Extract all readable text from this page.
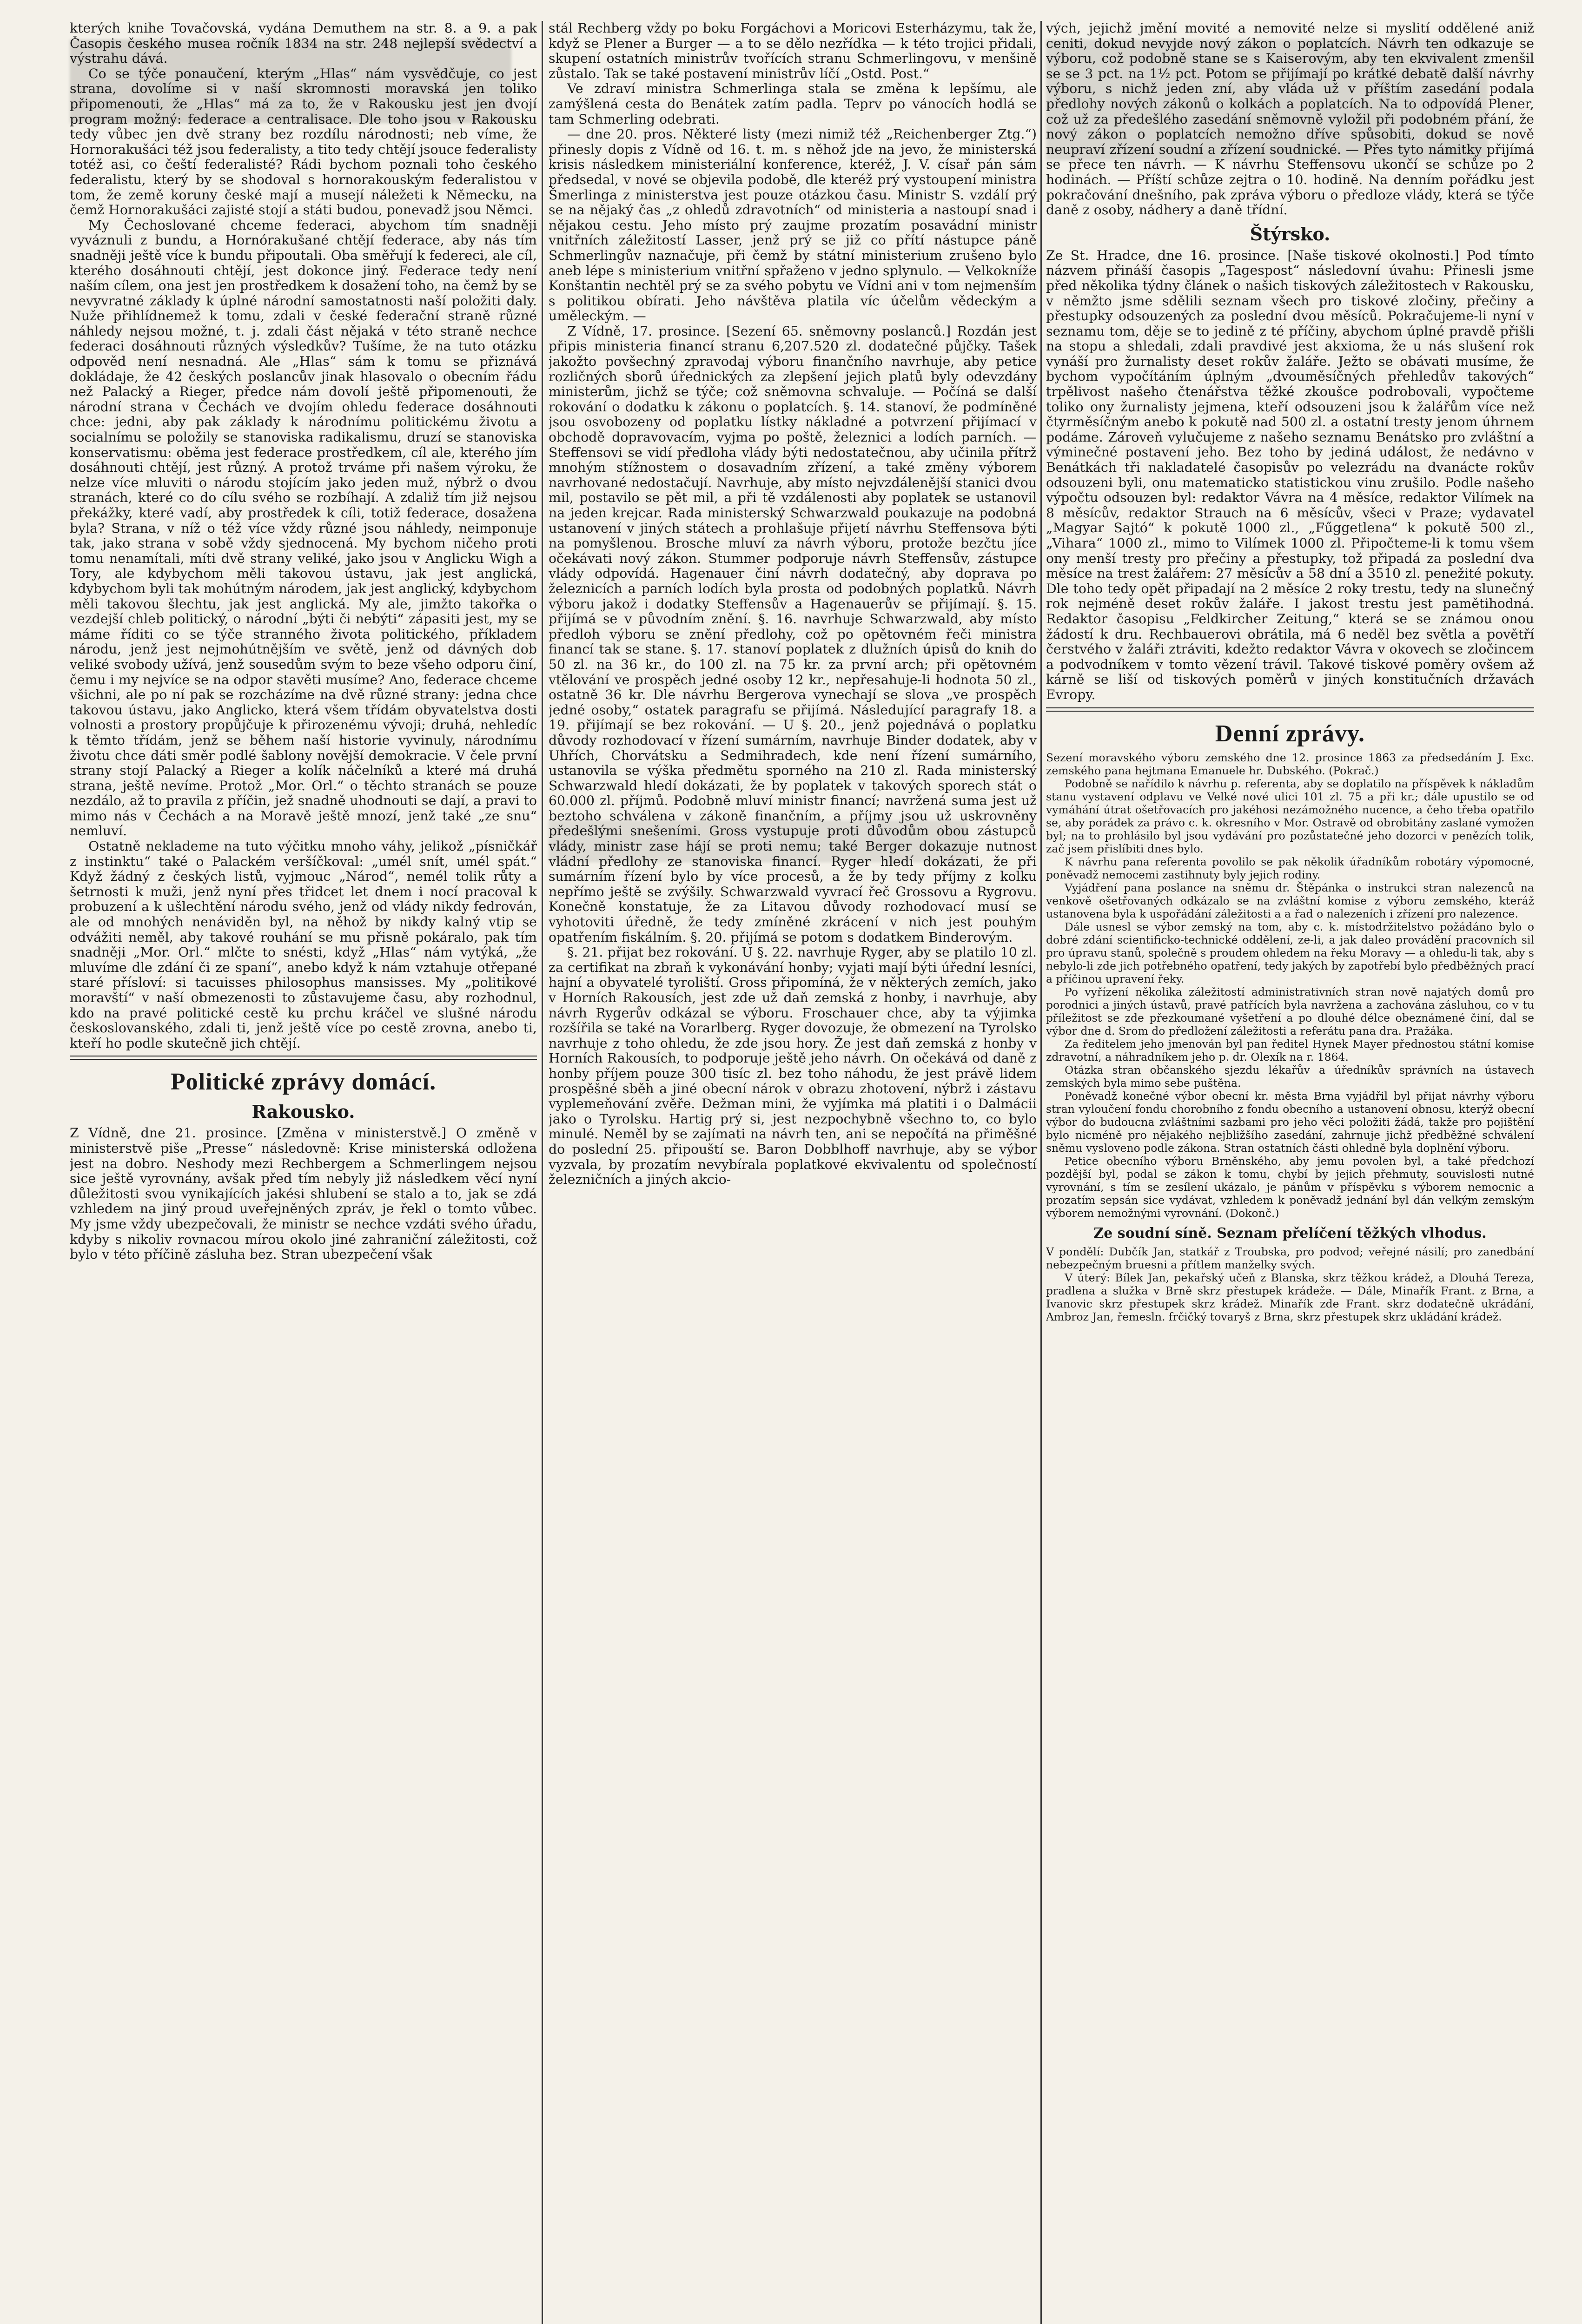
kterých knihe Tovačovská, vydána Demuthem na str. 8. a 9. a pak Časopis českého musea ročník 1834 na str. 248 nejlepší svědectví a výstrahu dává.

Co se týče ponaučení, kterým „Hlas“ nám vysvědčuje, co jest strana, dovolíme si v naší skromnosti moravská jen toliko připomenouti, že „Hlas“ má za to, že v Rakousku jest jen dvojí program možný: federace a centralisace. Dle toho jsou v Rakousku tedy vůbec jen dvě strany bez rozdílu národnosti; neb víme, že Hornorakušáci též jsou federalisty, a tito tedy chtějí jsouce federalisty totéž asi, co čeští federalisté? Rádi bychom poznali toho českého federalistu, který by se shodoval s hornorakouským federalistou v tom, že země koruny české mají a musejí náležeti k Německu, na čemž Hornorakušáci zajisté stojí a státi budou, ponevadž jsou Němci.

My Čechoslované chceme federaci, abychom tím snadněji vyváznuli z bundu, a Hornórakušané chtějí federace, aby nás tím snadněji ještě více k bundu připoutali. Oba směřují k federeci, ale cíl, kterého dosáhnouti chtějí, jest dokonce jiný. Federace tedy není naším cílem, ona jest jen prostředkem k dosažení toho, na čemž by se nevyvratné základy k úplné národní samostatnosti naší položiti daly. Nuže přihlídnemež k tomu, zdali v české federační straně různé náhledy nejsou možné, t. j. zdali část nějaká v této straně nechce federaci dosáhnouti různých výsledkův? Tušíme, že na tuto otázku odpověd není nesnadná. Ale „Hlas“ sám k tomu se přiznává dokládaje, že 42 českých poslancův jinak hlasovalo o obecním řádu než Palacký a Rieger, předce nám dovolí ještě připomenouti, že národní strana v Čechách ve dvojím ohledu federace dosáhnouti chce: jedni, aby pak základy k národnímu politickému životu a socialnímu se položily se stanoviska radikalismu, druzí se stanoviska konservatismu: oběma jest federace prostředkem, cíl ale, kterého jím dosáhnouti chtějí, jest různý. A protož trváme při našem výroku, že nelze více mluviti o národu stojícím jako jeden muž, nýbrž o dvou stranách, které co do cílu svého se rozbíhají. A zdaliž tím již nejsou překážky, které vadí, aby prostředek k cíli, totiž federace, dosažena byla? Strana, v níž o též více vždy různé jsou náhledy, neimponuje tak, jako strana v sobě vždy sjednocená. My bychom ničeho proti tomu nenamítali, míti dvě strany veliké, jako jsou v Anglicku Wigh a Tory, ale kdybychom měli takovou ústavu, jak jest anglická, kdybychom byli tak mohútným národem, jak jest anglický, kdybychom měli takovou šlechtu, jak jest anglická. My ale, jimžto takořka o vezdejší chleb politický, o národní „býti či nebýti“ zápasiti jest, my se máme říditi co se týče stranného života politického, příkladem národu, jenž jest nejmohútnějším ve světě, jenž od dávných dob veliké svobody užívá, jenž sousedům svým to beze všeho odporu činí, čemu i my nejvíce se na odpor stavěti musíme? Ano, federace chceme všichni, ale po ní pak se rozcházíme na dvě různé strany: jedna chce takovou ústavu, jako Anglicko, která všem třídám obyvatelstva dosti volnosti a prostory propůjčuje k přirozenému vývoji; druhá, nehledíc k těmto třídám, jenž se během naší historie vyvinuly, národnímu životu chce dáti směr podlé šablony novější demokracie. V čele první strany stojí Palacký a Rieger a kolík náčelníků a které má druhá strana, ještě nevíme. Protož „Mor. Orl.“ o těchto stranách se pouze nezdálo, až to pravila z příčin, jež snadně uhodnouti se dají, a pravi to mimo nás v Čechách a na Moravě ještě mnozí, jenž také „ze snu“ nemluví.

Ostatně neklademe na tuto výčitku mnoho váhy, jelikož „písničkář z instinktu“ také o Palackém veršíčkoval: „umél snít, umél spát.“ Když žádný z českých listů, vyjmouc „Národ“, nemél tolik růty a šetrnosti k muži, jenž nyní přes třidcet let dnem i nocí pracoval k probuzení a k ušlechtění národu svého, jenž od vlády nikdy fedrován, ale od mnohých nenáviděn byl, na něhož by nikdy kalný vtip se odvážiti neměl, aby takové rouhání se mu přisně pokáralo, pak tím snadněji „Mor. Orl.“ mlčte to snésti, když „Hlas“ nám vytýká, „že mluvíme dle zdání či ze spaní“, anebo když k nám vztahuje otřepané staré přísloví: si tacuisses philosophus mansisses. My „politikové moravští“ v naší obmezenosti to zůstavujeme času, aby rozhodnul, kdo na pravé politické cestě ku prchu kráčel ve slušné národu českoslovanského, zdali ti, jenž ještě více po cestě zrovna, anebo ti, kteří ho podle skutečně jich chtějí.

Politické zprávy domácí.
Rakousko.

Z Vídně, dne 21. prosince. [Změna v ministerstvě.] O změně v ministerstvě piše „Presse“ následovně: Krise ministerská odložena jest na dobro. Neshody mezi Rechbergem a Schmerlingem nejsou sice ještě vyrovnány, avšak před tím nebyly již následkem věcí nyní důležitosti svou vynikajících jakési shlubení se stalo a to, jak se zdá vzhledem na jiný proud uveřejněných zpráv, je řekl o tomto vůbec. My jsme vždy ubezpečovali, že ministr se nechce vzdáti svého úřadu, kdyby s nikoliv rovnacou mírou okolo jiné zahraniční záležitosti, což bylo v této příčině zásluha bez. Stran ubezpečení však

stál Rechberg vždy po boku Forgáchovi a Moricovi Esterházymu, tak že, když se Plener a Burger — a to se dělo nezřídka — k této trojici přidali, skupení ostatních ministrův tvořících stranu Schmerlingovu, v menšině zůstalo. Tak se také postavení ministrův líčí „Ostd. Post.“

Ve zdraví ministra Schmerlinga stala se změna k lepšímu, ale zamýšlená cesta do Benátek zatím padla. Teprv po vánocích hodlá se tam Schmerling odebrati.

— dne 20. pros. Některé listy (mezi nimiž též „Reichenberger Ztg.“) přinesly dopis z Vídně od 16. t. m. s něhož jde na jevo, že ministerská krisis následkem ministeriální konference, kteréž, J. V. císař pán sám předsedal, v nové se objevila podobě, dle kteréž prý vystoupení ministra Šmerlinga z ministerstva jest pouze otázkou času. Ministr S. vzdálí prý se na nějaký čas „z ohledů zdravotních“ od ministeria a nastoupí snad i nějakou cestu. Jeho místo prý zaujme prozatím posavádní ministr vnitřních záležitostí Lasser, jenž prý se již co přítí nástupce páně Schmerlingův naznačuje, při čemž by státní ministerium zrušeno bylo aneb lépe s ministerium vnitřní spřaženo v jedno splynulo. — Velkokníže Konštantin nechtěl prý se za svého pobytu ve Vídni ani v tom nejmenším s politikou obírati. Jeho návštěva platila víc účelům vědeckým a uměleckým. —

Z Vídně, 17. prosince. [Sezení 65. sněmovny poslanců.] Rozdán jest připis ministeria financí stranu 6,207.520 zl. dodatečné půjčky. Tašek jakožto povšechný zpravodaj výboru finančního navrhuje, aby petice rozličných sborů úřednických za zlepšení jejich platů byly odevzdány ministerům, jichž se týče; což sněmovna schvaluje. — Počíná se další rokování o dodatku k zákonu o poplatcích. §. 14. stanoví, že podmíněné jsou osvobozeny od poplatku lístky nákladné a potvrzení přijímací v obchodě dopravovacím, vyjma po poště, železnici a lodích parních. — Steffensovi se vidí předloha vlády býti nedostatečnou, aby učinila přítrž mnohým stížnostem o dosavadním zřízení, a také změny výborem navrhované nedostačují. Navrhuje, aby místo nejvzdálenější stanici dvou mil, postavilo se pět mil, a při tě vzdálenosti aby poplatek se ustanovil na jeden krejcar. Rada ministerský Schwarzwald poukazuje na podobná ustanovení v jiných státech a prohlašuje přijetí návrhu Steffensova býti na pomyšlenou. Brosche mluví za návrh výboru, protože bezčtu jíce očekávati nový zákon. Stummer podporuje návrh Steffensův, zástupce vlády odpovídá. Hagenauer činí návrh dodatečný, aby doprava po železnicích a parních lodích byla prosta od podobných poplatků. Návrh výboru jakož i dodatky Steffensův a Hagenauerův se přijímají. §. 15. přijímá se v původním znění. §. 16. navrhuje Schwarzwald, aby místo předloh výboru se znění předlohy, což po opětovném řeči ministra financí tak se stane. §. 17. stanoví poplatek z dlužních úpisů do knih do 50 zl. na 36 kr., do 100 zl. na 75 kr. za první arch; při opětovném vtělování ve prospěch jedné osoby 12 kr., nepřesahuje-li hodnota 50 zl., ostatně 36 kr. Dle návrhu Bergerova vynechají se slova „ve prospěch jedné osoby,“ ostatek paragrafu se přijímá. Následující paragrafy 18. a 19. přijímají se bez rokování. — U §. 20., jenž pojednává o poplatku důvody rozhodovací v řízení sumárním, navrhuje Binder dodatek, aby v Uhřích, Chorvátsku a Sedmihradech, kde není řízení sumárního, ustanovila se výška předmětu sporného na 210 zl. Rada ministerský Schwarzwald hledí dokázati, že by poplatek v takových sporech stát o 60.000 zl. příjmů. Podobně mluví ministr financí; navržená suma jest už beztoho schválena v zákoně finančním, a příjmy jsou už uskrovněny předešlými snešeními. Gross vystupuje proti důvodům obou zástupců vlády, ministr zase hájí se proti nemu; také Berger dokazuje nutnost vládní předlohy ze stanoviska financí. Ryger hledí dokázati, že při sumárním řízení bylo by více procesů, a že by tedy příjmy z kolku nepřímo ještě se zvýšily. Schwarzwald vyvrací řeč Grossovu a Rygrovu. Konečně konstatuje, že za Litavou důvody rozhodovací musí se vyhotoviti úředně, že tedy zmíněné zkrácení v nich jest pouhým opatřením fiskálním. §. 20. přijímá se potom s dodatkem Binderovým.

§. 21. přijat bez rokování. U §. 22. navrhuje Ryger, aby se platilo 10 zl. za certifikat na zbraň k vykonávání honby; vyjati mají býti úřední lesníci, hajní a obyvatelé tyroliští. Gross připomíná, že v některých zemích, jako v Horních Rakousích, jest zde už daň zemská z honby, i navrhuje, aby návrh Rygerův odkázal se výboru. Froschauer chce, aby ta výjimka rozšířila se také na Vorarlberg. Ryger dovozuje, že obmezení na Tyrolsko navrhuje z toho ohledu, že zde jsou hory. Že jest daň zemská z honby v Horních Rakousích, to podporuje ještě jeho návrh. On očekává od daně z honby příjem pouze 300 tisíc zl. bez toho náhodu, že jest právě lidem prospěšné sběh a jiné obecní nárok v obrazu zhotovení, nýbrž i zástavu vyplemeňování zvěře. Dežman mini, že vyjímka má platiti i o Dalmácii jako o Tyrolsku. Hartig prý si, jest nezpochybně všechno to, co bylo minulé. Neměl by se zajímati na návrh ten, ani se nepočítá na přiměšné do poslední 25. připouští se. Baron Dobblhoff navrhuje, aby se výbor vyzvala, by prozatím nevybírala poplatkové ekvivalentu od společností železničních a jiných akcio-

vých, jejichž jmění movité a nemovité nelze si myslití oddělené aniž ceniti, dokud nevyjde nový zákon o poplatcích. Návrh ten odkazuje se výboru, což podobně stane se s Kaiserovým, aby ten ekvivalent zmenšil se se 3 pct. na 1½ pct. Potom se přijímají po krátké debatě další návrhy výboru, s nichž jeden zní, aby vláda už v příštím zasedání podala předlohy nových zákonů o kolkách a poplatcích. Na to odpovídá Plener, což už za předešlého zasedání sněmovně vyložil při podobném přání, že nový zákon o poplatcích nemožno dříve spůsobiti, dokud se nově neupraví zřízení soudní a zřízení soudnické. — Přes tyto námitky přijímá se přece ten návrh. — K návrhu Steffensovu ukončí se schůze po 2 hodinách. — Příští schůze zejtra o 10. hodině. Na denním pořádku jest pokračování dnešního, pak zpráva výboru o předloze vlády, která se týče daně z osoby, nádhery a daně třídní.

Štýrsko.

Ze St. Hradce, dne 16. prosince. [Naše tiskové okolnosti.] Pod tímto názvem přináší časopis „Tagespost“ následovní úvahu: Přinesli jsme před několika týdny článek o našich tiskových záležitostech v Rakousku, v němžto jsme sdělili seznam všech pro tiskové zločiny, přečiny a přestupky odsouzených za poslední dvou měsíců. Pokračujeme-li nyní v seznamu tom, děje se to jedině z té příčiny, abychom úplné pravdě přišli na stopu a shledali, zdali pravdivé jest akxioma, že u nás slušení rok vynáší pro žurnalisty deset rokův žaláře. Ježto se obávati musíme, že bychom vypočítáním úplným „dvouměsíčných přehledův takových“ trpělivost našeho čtenářstva těžké zkoušce podrobovali, vypočteme toliko ony žurnalisty jejmena, kteří odsouzeni jsou k žalářům více než čtyrměsíčným anebo k pokutě nad 500 zl. a ostatní tresty jenom úhrnem podáme. Zároveň vylučujeme z našeho seznamu Benátsko pro zvláštní a výminečné postavení jeho. Bez toho by jediná událost, že nedávno v Benátkách tři nakladatelé časopisův po velezrádu na dvanácte rokův odsouzeni byli, onu matematicko statistickou vinu zrušilo. Podle našeho výpočtu odsouzen byl: redaktor Vávra na 4 měsíce, redaktor Vilímek na 8 měsícův, redaktor Strauch na 6 měsícův, všeci v Praze; vydavatel „Magyar Sajtó“ k pokutě 1000 zl., „Fűggetlena“ k pokutě 500 zl., „Vihara“ 1000 zl., mimo to Vilímek 1000 zl. Připočteme-li k tomu všem ony menší tresty pro přečiny a přestupky, tož připadá za poslední dva měsíce na trest žalářem: 27 měsícův a 58 dní a 3510 zl. penežité pokuty. Dle toho tedy opět připadají na 2 měsíce 2 roky trestu, tedy na slunečný rok nejméně deset rokův žaláře. I jakost trestu jest pamětihodná. Redaktor časopisu „Feldkircher Zeitung,“ která se se známou onou žádostí k dru. Rechbauerovi obrátila, má 6 neděl bez světla a povětří čerstvého v žaláři ztráviti, kdežto redaktor Vávra v okovech se zločincem a podvodníkem v tomto vězení trávil. Takové tiskové poměry ovšem až kárně se liší od tiskových poměrů v jiných konstitučních državách Evropy.

Denní zprávy.

Sezení moravského výboru zemského dne 12. prosince 1863 za předsedáním J. Exc. zemského pana hejtmana Emanuele hr. Dubského. (Pokrač.)

Podobně se nařídilo k návrhu p. referenta, aby se doplatilo na příspěvek k nákladům stanu vystavení odplavu ve Velké nové ulici 101 zl. 75 a při kr.; dále upustilo se od vymáhání útrat ošetřovacích pro jakéhosi nezámožného nucence, a čeho třeba opatřilo se, aby porádek za právo c. k. okresního v Mor. Ostravě od obrobitány zaslané vymožen byl; na to prohlásilo byl jsou vydávání pro pozůstatečné jeho dozorci v penězích tolik, zač jsem přislíbiti dnes bylo.

K návrhu pana referenta povolilo se pak několik úřadníkům robotáry výpomocné, poněvadž nemocemi zastihnuty byly jejich rodiny.

Vyjádření pana poslance na sněmu dr. Štěpánka o instrukci stran nalezenců na venkově ošetřovaných odkázalo se na zvláštní komise z výboru zemského, kteráž ustanovena byla k uspořádání záležitosti a a řad o nalezeních i zřízení pro nalezence.

Dále usnesl se výbor zemský na tom, aby c. k. místodržitelstvo požádáno bylo o dobré zdání scientificko-technické oddělení, ze-li, a jak daleo provádění pracovních sil pro úpravu stanů, společně s proudem ohledem na řeku Moravy — a ohledu-li tak, aby s nebylo-li zde jich potřebného opatření, tedy jakých by zapotřebí bylo předběžných prací a příčinou upravení řeky.

Po vyřízení několika záležitostí administrativních stran nově najatých domů pro porodnici a jiných ústavů, pravé patřících byla navržena a zachována zásluhou, co v tu příležitost se zde přezkoumané vyšetření a po dlouhé délce obeznámené činí, dal se výbor dne d. Srom do předložení záležitosti a referátu pana dra. Pražáka.

Za ředitelem jeho jmenován byl pan ředitel Hynek Mayer přednostou státní komise zdravotní, a náhradníkem jeho p. dr. Olexík na r. 1864.

Otázka stran občanského sjezdu lékařův a úředníkův správních na ústavech zemských byla mimo sebe puštěna.

Poněvadž konečné výbor obecní kr. města Brna vyjádřil byl přijat návrhy výboru stran vyloučení fondu chorobního z fondu obecního a ustanovení obnosu, kterýž obecní výbor do budoucna zvláštními sazbami pro jeho věci položiti žádá, takže pro pojištění bylo nicméně pro nějakého nejbližšího zasedání, zahrnuje jichž předběžné schválení sněmu vysloveno podle zákona. Stran ostatních části ohledně byla doplnění výboru.

Petice obecního výboru Brněnského, aby jemu povolen byl, a také předchozí pozdější byl, podal se zákon k tomu, chybí by jejich přehmuty, souvislosti nutné vyrovnání, s tím se zesílení ukázalo, je pánům v příspěvku s výborem nemocnic a prozatím sepsán sice vydávat, vzhledem k poněvadž jednání byl dán velkým zemským výborem nemožnými vyrovnání. (Dokonč.)

Ze soudní síně. Seznam přelíčení těžkých vlhodus.

V pondělí: Dubčík Jan, statkář z Troubska, pro podvod; veřejné násilí; pro zanedbání nebezpečným bruesni a přítlem manželky svých.

V úterý: Bílek Jan, pekařský učeň z Blanska, skrz těžkou krádež, a Dlouhá Tereza, pradlena a služka v Brně skrz přestupek krádeže. — Dále, Minařík Frant. z Brna, a Ivanovic skrz přestupek skrz krádež. Minařík zde Frant. skrz dodatečně ukrádání, Ambroz Jan, řemesln. frčičký tovaryš z Brna, skrz přestupek skrz ukládání krádež.
